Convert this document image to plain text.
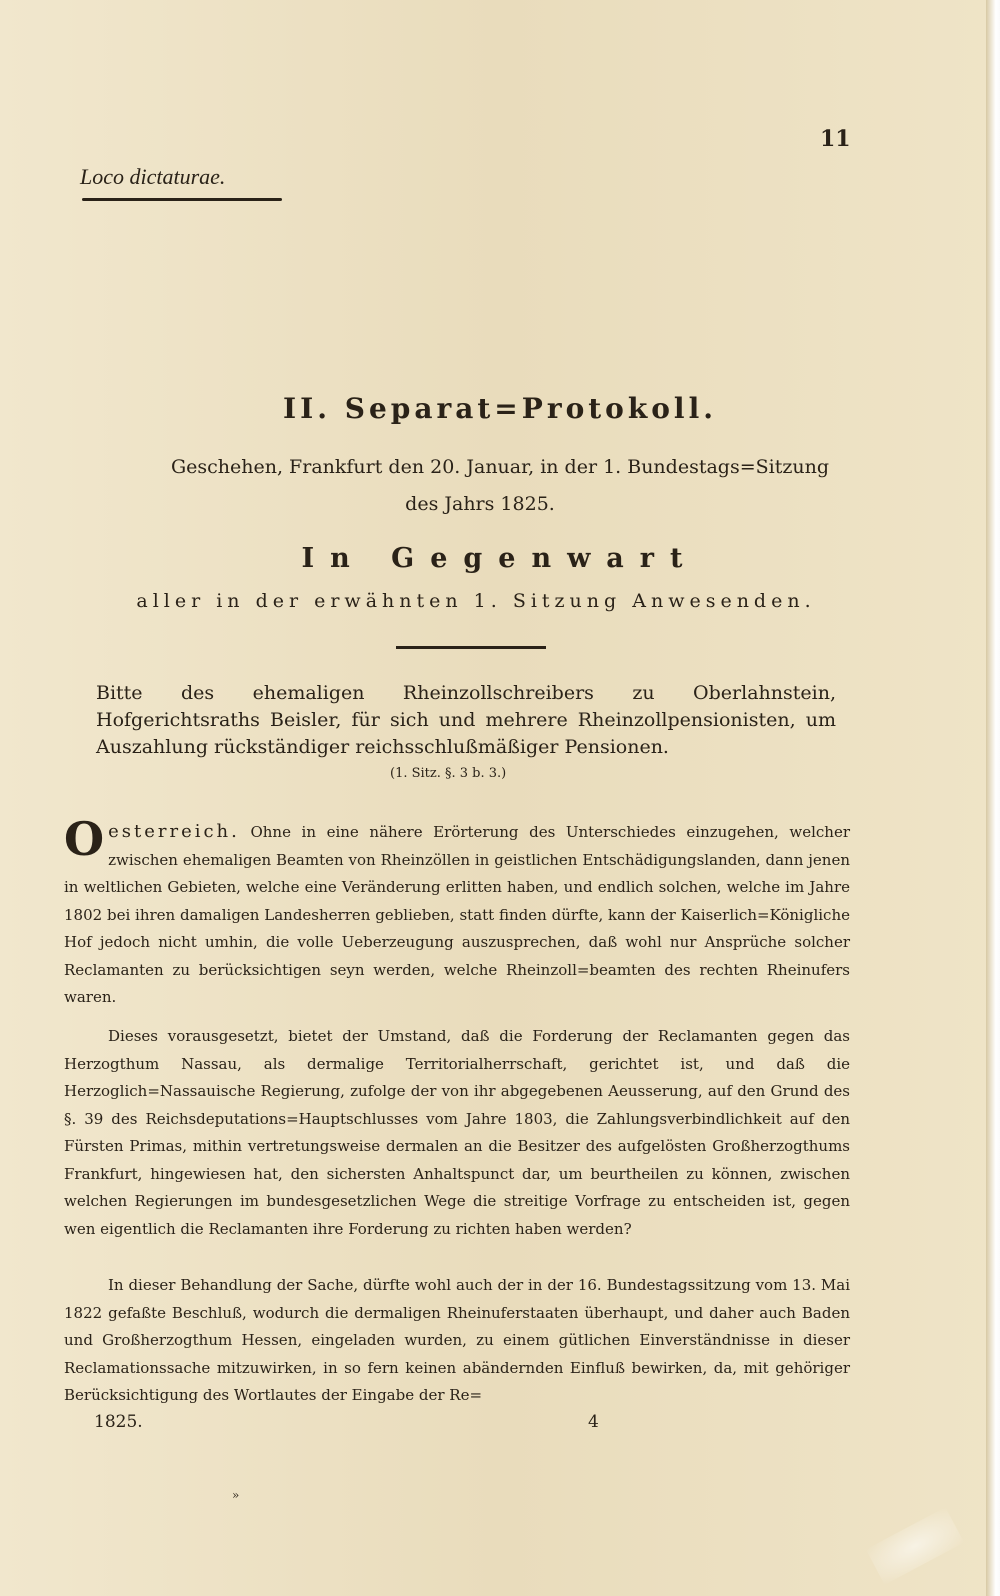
11
Loco dictaturae.
II. Separat=Protokoll.
Geschehen, Frankfurt den 20. Januar, in der 1. Bundestags=Sitzung
des Jahrs 1825.
In Gegenwart
aller in der erwähnten 1. Sitzung Anwesenden.
Bitte des ehemaligen Rheinzollschreibers zu Oberlahnstein, Hofgerichtsraths Beisler, für sich und mehrere Rheinzollpensionisten, um Auszahlung rückständiger reichsschlußmäßiger Pensionen.
(1. Sitz. §. 3 b. 3.)
Oesterreich. Ohne in eine nähere Erörterung des Unterschiedes einzugehen, welcher zwischen ehemaligen Beamten von Rheinzöllen in geistlichen Entschädigungslanden, dann jenen in weltlichen Gebieten, welche eine Veränderung erlitten haben, und endlich solchen, welche im Jahre 1802 bei ihren damaligen Landesherren geblieben, statt finden dürfte, kann der Kaiserlich=Königliche Hof jedoch nicht umhin, die volle Ueberzeugung auszusprechen, daß wohl nur Ansprüche solcher Reclamanten zu berücksichtigen seyn werden, welche Rheinzoll=beamten des rechten Rheinufers waren.
Dieses vorausgesetzt, bietet der Umstand, daß die Forderung der Reclamanten gegen das Herzogthum Nassau, als dermalige Territorialherrschaft, gerichtet ist, und daß die Herzoglich=Nassauische Regierung, zufolge der von ihr abgegebenen Aeusserung, auf den Grund des §. 39 des Reichsdeputations=Hauptschlusses vom Jahre 1803, die Zahlungsverbindlichkeit auf den Fürsten Primas, mithin vertretungsweise dermalen an die Besitzer des aufgelösten Großherzogthums Frankfurt, hingewiesen hat, den sichersten Anhaltspunct dar, um beurtheilen zu können, zwischen welchen Regierungen im bundesgesetzlichen Wege die streitige Vorfrage zu entscheiden ist, gegen wen eigentlich die Reclamanten ihre Forderung zu richten haben werden?
In dieser Behandlung der Sache, dürfte wohl auch der in der 16. Bundestagssitzung vom 13. Mai 1822 gefaßte Beschluß, wodurch die dermaligen Rheinuferstaaten überhaupt, und daher auch Baden und Großherzogthum Hessen, eingeladen wurden, zu einem gütlichen Einverständnisse in dieser Reclamationssache mitzuwirken, in so fern keinen abändernden Einfluß bewirken, da, mit gehöriger Berücksichtigung des Wortlautes der Eingabe der Re=
1825.	4
»
